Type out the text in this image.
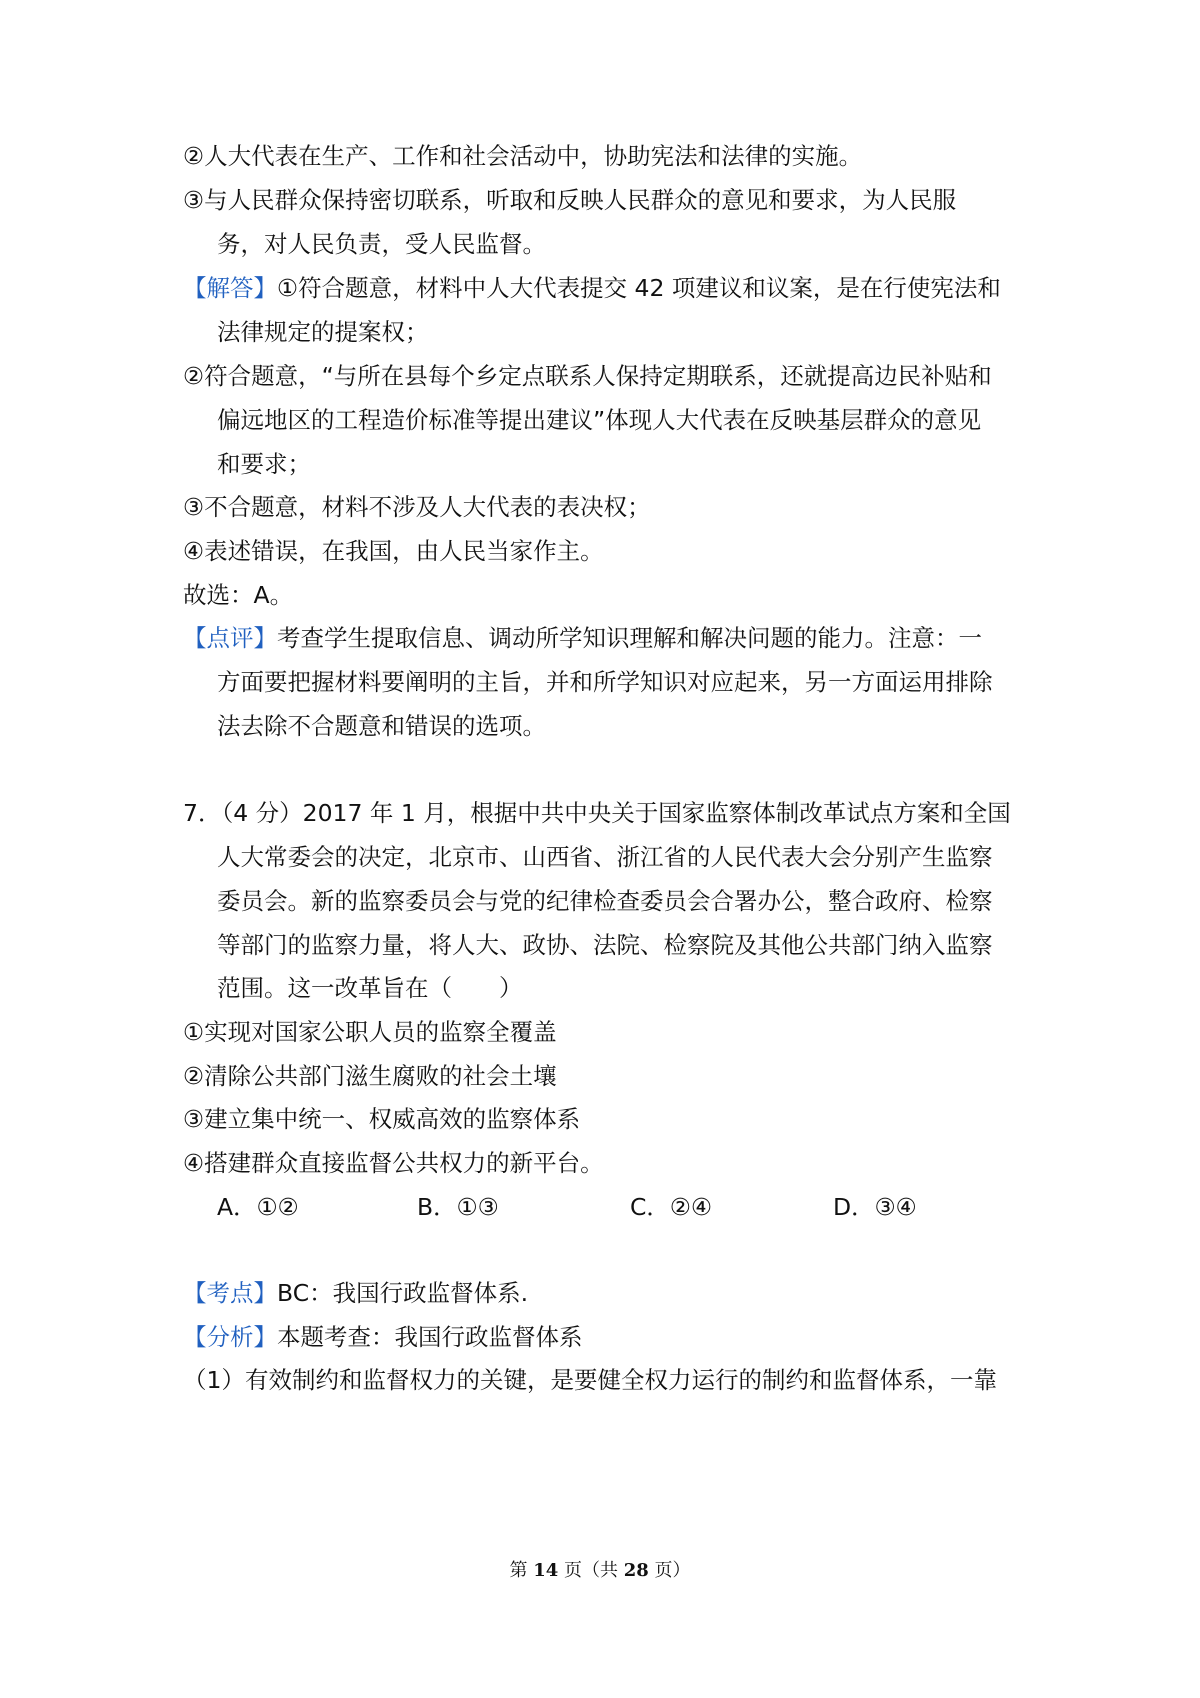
②人大代表在生产、工作和社会活动中，协助宪法和法律的实施。
③与人民群众保持密切联系，听取和反映人民群众的意见和要求，为人民服
务，对人民负责，受人民监督。
【解答】①符合题意，材料中人大代表提交 42 项建议和议案，是在行使宪法和
法律规定的提案权；
②符合题意，“与所在县每个乡定点联系人保持定期联系，还就提高边民补贴和
偏远地区的工程造价标准等提出建议”体现人大代表在反映基层群众的意见
和要求；
③不合题意，材料不涉及人大代表的表决权；
④表述错误，在我国，由人民当家作主。
故选：A。
【点评】考查学生提取信息、调动所学知识理解和解决问题的能力。注意：一
方面要把握材料要阐明的主旨，并和所学知识对应起来，另一方面运用排除
法去除不合题意和错误的选项。
7．（4 分）2017 年 1 月，根据中共中央关于国家监察体制改革试点方案和全国
人大常委会的决定，北京市、山西省、浙江省的人民代表大会分别产生监察
委员会。新的监察委员会与党的纪律检查委员会合署办公，整合政府、检察
等部门的监察力量，将人大、政协、法院、检察院及其他公共部门纳入监察
范围。这一改革旨在（　　）
①实现对国家公职人员的监察全覆盖
②清除公共部门滋生腐败的社会土壤
③建立集中统一、权威高效的监察体系
④搭建群众直接监督公共权力的新平台。
A．①②	B．①③	C．②④	D．③④
【考点】BC：我国行政监督体系.
【分析】本题考查：我国行政监督体系
（1）有效制约和监督权力的关键，是要健全权力运行的制约和监督体系，一靠
第 14 页（共 28 页）
